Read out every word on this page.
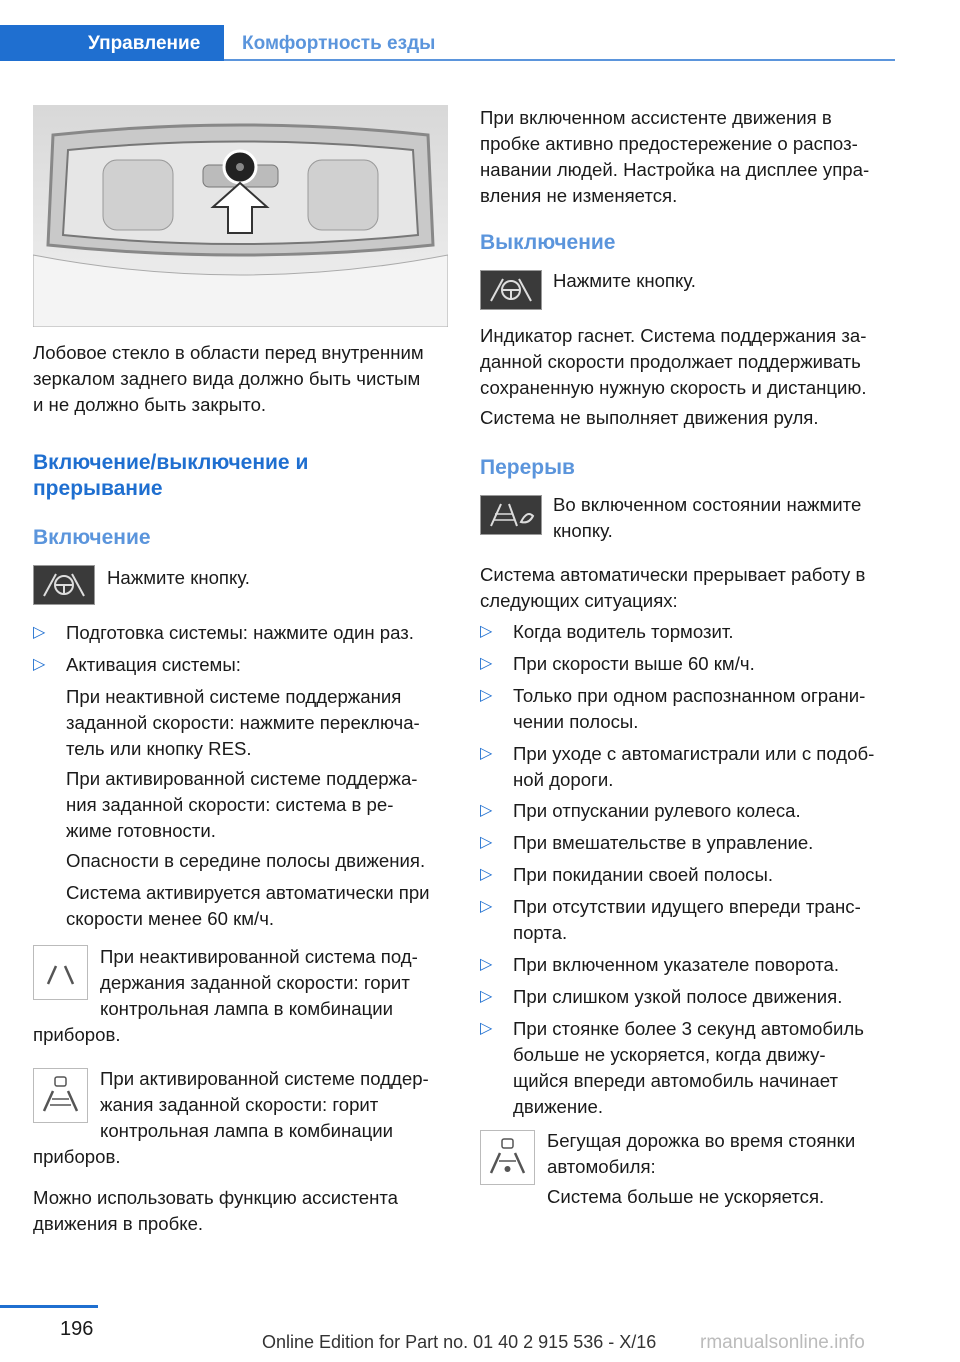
Управление Комфортность езды

Лобовое стекло в области перед внутренним

зеркалом заднего вида должно быть чистым

и не должно быть закрыто.

Включение/выключение и
прерывание
Включение

Нажмите кнопку.

▷ Подготовка системы: нажмите один раз.

▷ Активация системы:

При неактивной системе поддержания

заданной скорости: нажмите переключа-

тель или кнопку RES.

При активированной системе поддержа-

ния заданной скорости: система в ре-

жиме готовности.

Опасности в середине полосы движения.

Система активируется автоматически при

скорости менее 60 км/ч.

При неактивированной система под-

держания заданной скорости: горит

контрольная лампа в комбинации

приборов.

При активированной системе поддер-

жания заданной скорости: горит

контрольная лампа в комбинации

приборов.

Можно использовать функцию ассистента

движения в пробке.

При включенном ассистенте движения в

пробке активно предостережение о распоз-

навании людей. Настройка на дисплее упра-

вления не изменяется.

Выключение

Нажмите кнопку.

Индикатор гаснет. Система поддержания за-

данной скорости продолжает поддерживать

сохраненную нужную скорость и дистанцию.

Система не выполняет движения руля.

Перерыв

Во включенном состоянии нажмите

кнопку.

Система автоматически прерывает работу в

следующих ситуациях:

▷ Когда водитель тормозит.

▷ При скорости выше 60 км/ч.

▷ Только при одном распознанном ограни-

чении полосы.

▷ При уходе с автомагистрали или с подоб-

ной дороги.

▷ При отпускании рулевого колеса.

▷ При вмешательстве в управление.

▷ При покидании своей полосы.

▷ При отсутствии идущего впереди транс-

порта.

▷ При включенном указателе поворота.

▷ При слишком узкой полосе движения.

▷ При стоянке более 3 секунд автомобиль

больше не ускоряется, когда движу-

щийся впереди автомобиль начинает

движение.

Бегущая дорожка во время стоянки

автомобиля:

Система больше не ускоряется.

196
Online Edition for Part no. 01 40 2 915 536 - X/16 rmanualsonline.info
